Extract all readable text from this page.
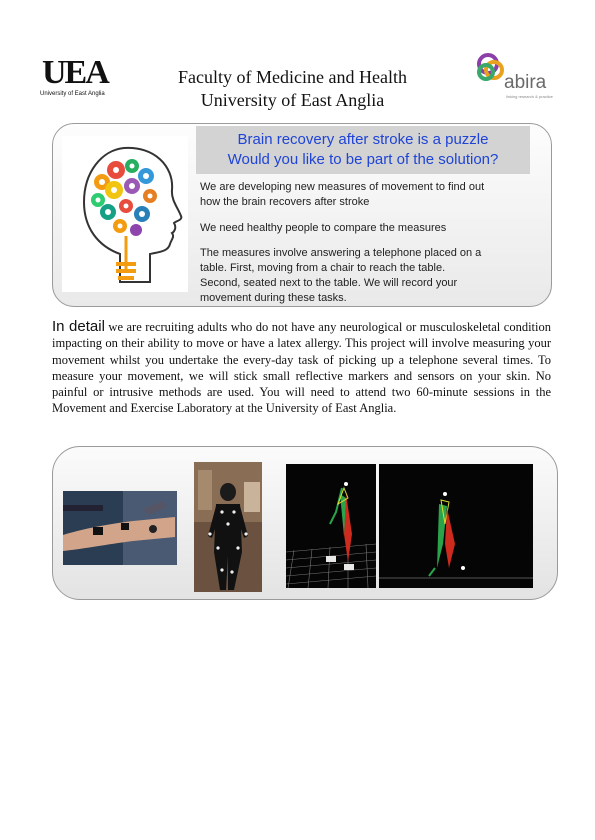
UEA
University of East Anglia
Faculty of Medicine and Health
University of East Anglia
abira
linking research & practice
Brain recovery after stroke is a puzzle
Would you like to be part of the solution?
We are developing new measures of movement to find out
how the brain recovers after stroke
We need healthy people to compare the measures
The measures involve answering a telephone placed on a
table. First, moving from a chair to reach the table.
Second, seated next to the table. We will record your
movement during these tasks.
In detail we are recruiting adults who do not have any neurological or musculoskeletal condition impacting on their ability to move or have a latex allergy. This project will involve measuring your movement whilst you undertake the every-day task of picking up a telephone several times. To measure your movement, we will stick small reflective markers and sensors on your skin. No painful or intrusive methods are used. You will need to attend two 60-minute sessions in the Movement and Exercise Laboratory at the University of East Anglia.
